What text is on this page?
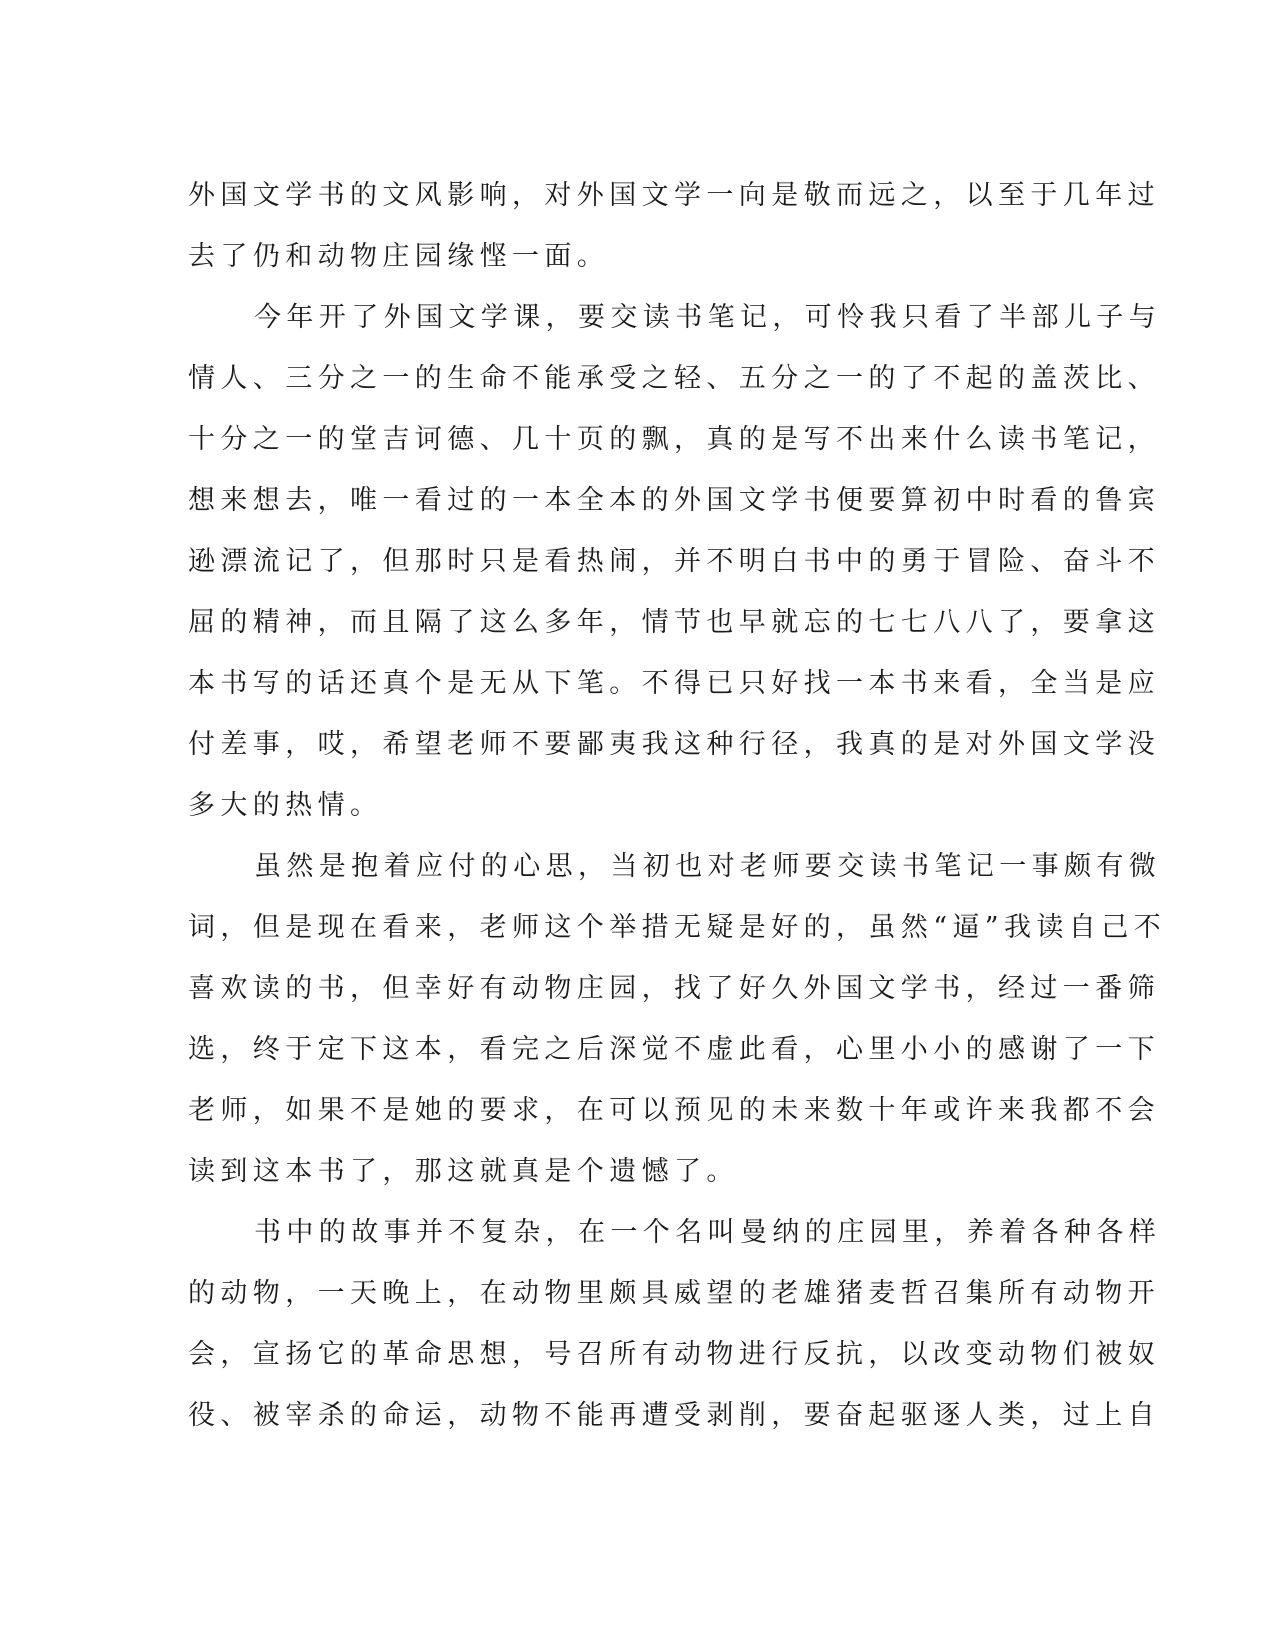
外国文学书的文风影响，对外国文学一向是敬而远之，以至于几年过
去了仍和动物庄园缘悭一面。
今年开了外国文学课，要交读书笔记，可怜我只看了半部儿子与
情人、三分之一的生命不能承受之轻、五分之一的了不起的盖茨比、
十分之一的堂吉诃德、几十页的飘，真的是写不出来什么读书笔记，
想来想去，唯一看过的一本全本的外国文学书便要算初中时看的鲁宾
逊漂流记了，但那时只是看热闹，并不明白书中的勇于冒险、奋斗不
屈的精神，而且隔了这么多年，情节也早就忘的七七八八了，要拿这
本书写的话还真个是无从下笔。不得已只好找一本书来看，全当是应
付差事，哎，希望老师不要鄙夷我这种行径，我真的是对外国文学没
多大的热情。
虽然是抱着应付的心思，当初也对老师要交读书笔记一事颇有微
词，但是现在看来，老师这个举措无疑是好的，虽然“逼”我读自己不
喜欢读的书，但幸好有动物庄园，找了好久外国文学书，经过一番筛
选，终于定下这本，看完之后深觉不虚此看，心里小小的感谢了一下
老师，如果不是她的要求，在可以预见的未来数十年或许来我都不会
读到这本书了，那这就真是个遗憾了。
书中的故事并不复杂，在一个名叫曼纳的庄园里，养着各种各样
的动物，一天晚上，在动物里颇具威望的老雄猪麦哲召集所有动物开
会，宣扬它的革命思想，号召所有动物进行反抗，以改变动物们被奴
役、被宰杀的命运，动物不能再遭受剥削，要奋起驱逐人类，过上自
